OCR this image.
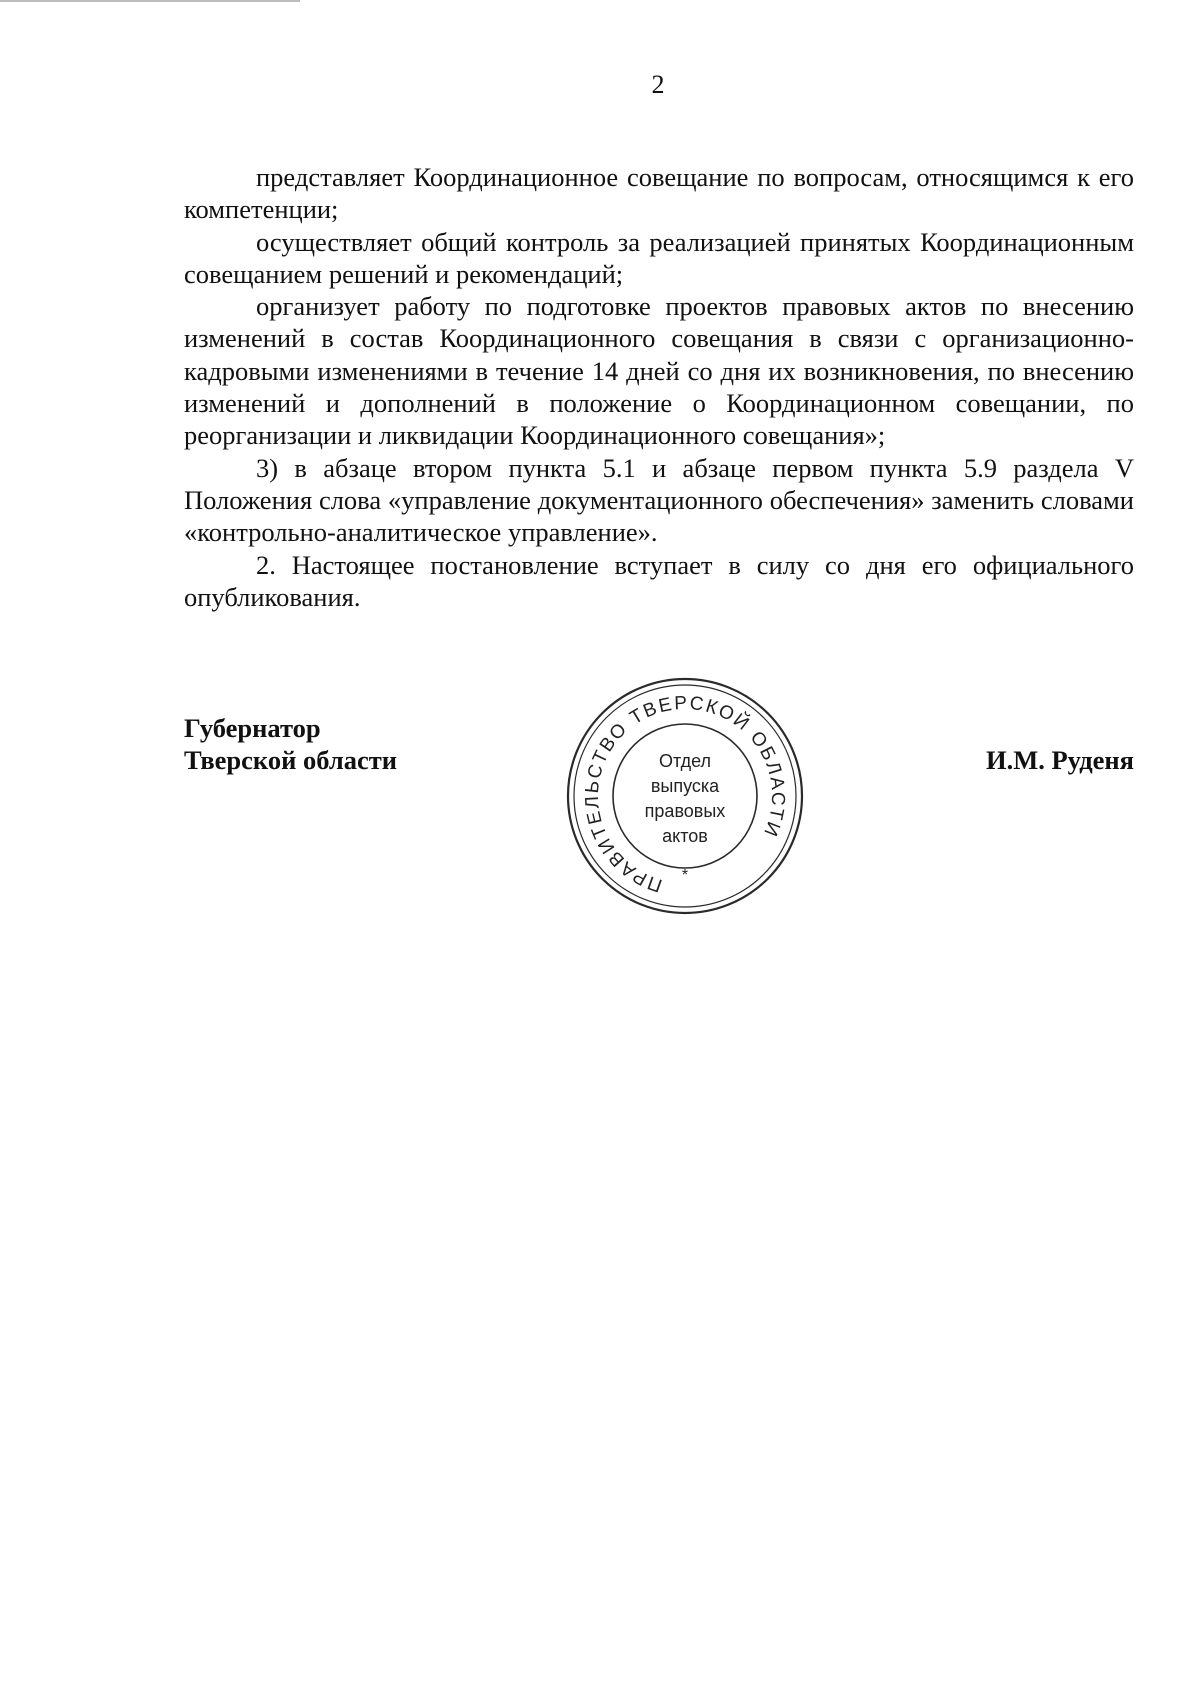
2

представляет Координационное совещание по вопросам, относящимся к его компетенции;

осуществляет общий контроль за реализацией принятых Координационным совещанием решений и рекомендаций;

организует работу по подготовке проектов правовых актов по внесению изменений в состав Координационного совещания в связи с организационно-кадровыми изменениями в течение 14 дней со дня их возникновения, по внесению изменений и дополнений в положение о Координационном совещании, по реорганизации и ликвидации Координационного совещания»;

3) в абзаце втором пункта 5.1 и абзаце первом пункта 5.9 раздела V Положения слова «управление документационного обеспечения» заменить словами «контрольно-аналитическое управление».

2. Настоящее постановление вступает в силу со дня его официального опубликования.

Губернатор
Тверской области	И.М. Руденя
ПРАВИТЕЛЬСТВО ТВЕРСКОЙ ОБЛАСТИ
*
Отдел
выпуска
правовых
актов
